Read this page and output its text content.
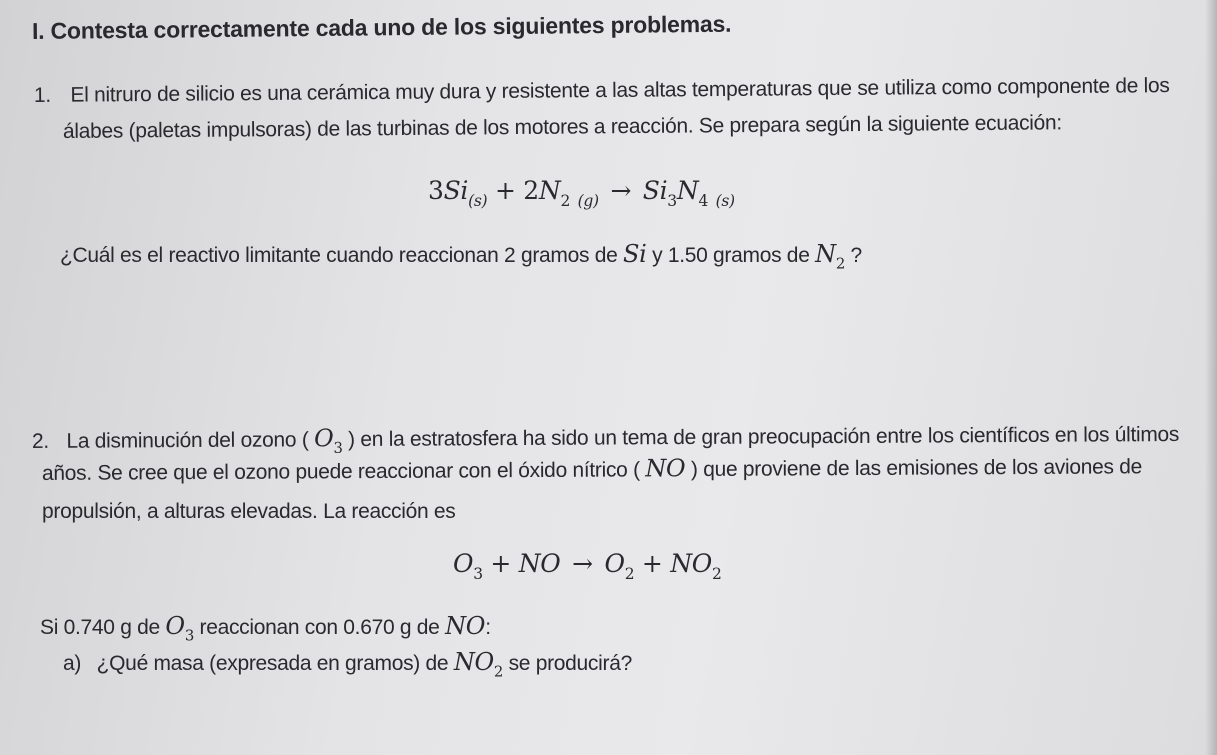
I. Contesta correctamente cada uno de los siguientes problemas.
1. El nitruro de silicio es una cerámica muy dura y resistente a las altas temperaturas que se utiliza como componente de los
álabes (paletas impulsoras) de las turbinas de los motores a reacción. Se prepara según la siguiente ecuación:
$3Si_{(s)} + 2N_2$ $_{(g)} \to Si_3N_4$ $_{(s)}$
¿Cuál es el reactivo limitante cuando reaccionan 2 gramos de Si y 1.50 gramos de $N_2$ ?
2. La disminución del ozono ( $O_3$ ) en la estratosfera ha sido un tema de gran preocupación entre los científicos en los últimos
años. Se cree que el ozono puede reaccionar con el óxido nítrico ( NO ) que proviene de las emisiones de los aviones de
propulsión, a alturas elevadas. La reacción es
$O_3$ + NO → $O_2 + NO_2$
Si 0.740 g de $O_3$ reaccionan con 0.670 g de NO:
a) ¿Qué masa (expresada en gramos) de $NO_2$ se producirá?
